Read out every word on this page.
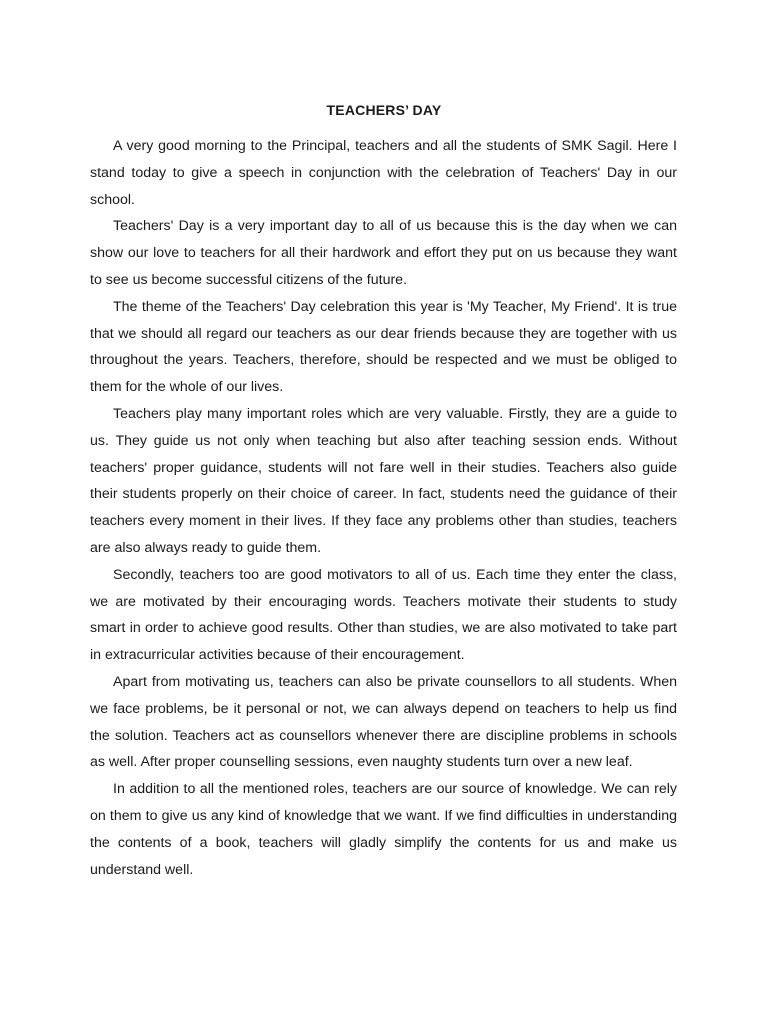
TEACHERS’ DAY

A very good morning to the Principal, teachers and all the students of SMK Sagil. Here I stand today to give a speech in conjunction with the celebration of Teachers' Day in our school.

Teachers' Day is a very important day to all of us because this is the day when we can show our love to teachers for all their hardwork and effort they put on us because they want to see us become successful citizens of the future.

The theme of the Teachers' Day celebration this year is 'My Teacher, My Friend'. It is true that we should all regard our teachers as our dear friends because they are together with us throughout the years. Teachers, therefore, should be respected and we must be obliged to them for the whole of our lives.

Teachers play many important roles which are very valuable. Firstly, they are a guide to us. They guide us not only when teaching but also after teaching session ends. Without teachers' proper guidance, students will not fare well in their studies. Teachers also guide their students properly on their choice of career. In fact, students need the guidance of their teachers every moment in their lives. If they face any problems other than studies, teachers are also always ready to guide them.

Secondly, teachers too are good motivators to all of us. Each time they enter the class, we are motivated by their encouraging words. Teachers motivate their students to study smart in order to achieve good results. Other than studies, we are also motivated to take part in extracurricular activities because of their encouragement.

Apart from motivating us, teachers can also be private counsellors to all students. When we face problems, be it personal or not, we can always depend on teachers to help us find the solution. Teachers act as counsellors whenever there are discipline problems in schools as well. After proper counselling sessions, even naughty students turn over a new leaf.

In addition to all the mentioned roles, teachers are our source of knowledge. We can rely on them to give us any kind of knowledge that we want. If we find difficulties in understanding the contents of a book, teachers will gladly simplify the contents for us and make us understand well.
